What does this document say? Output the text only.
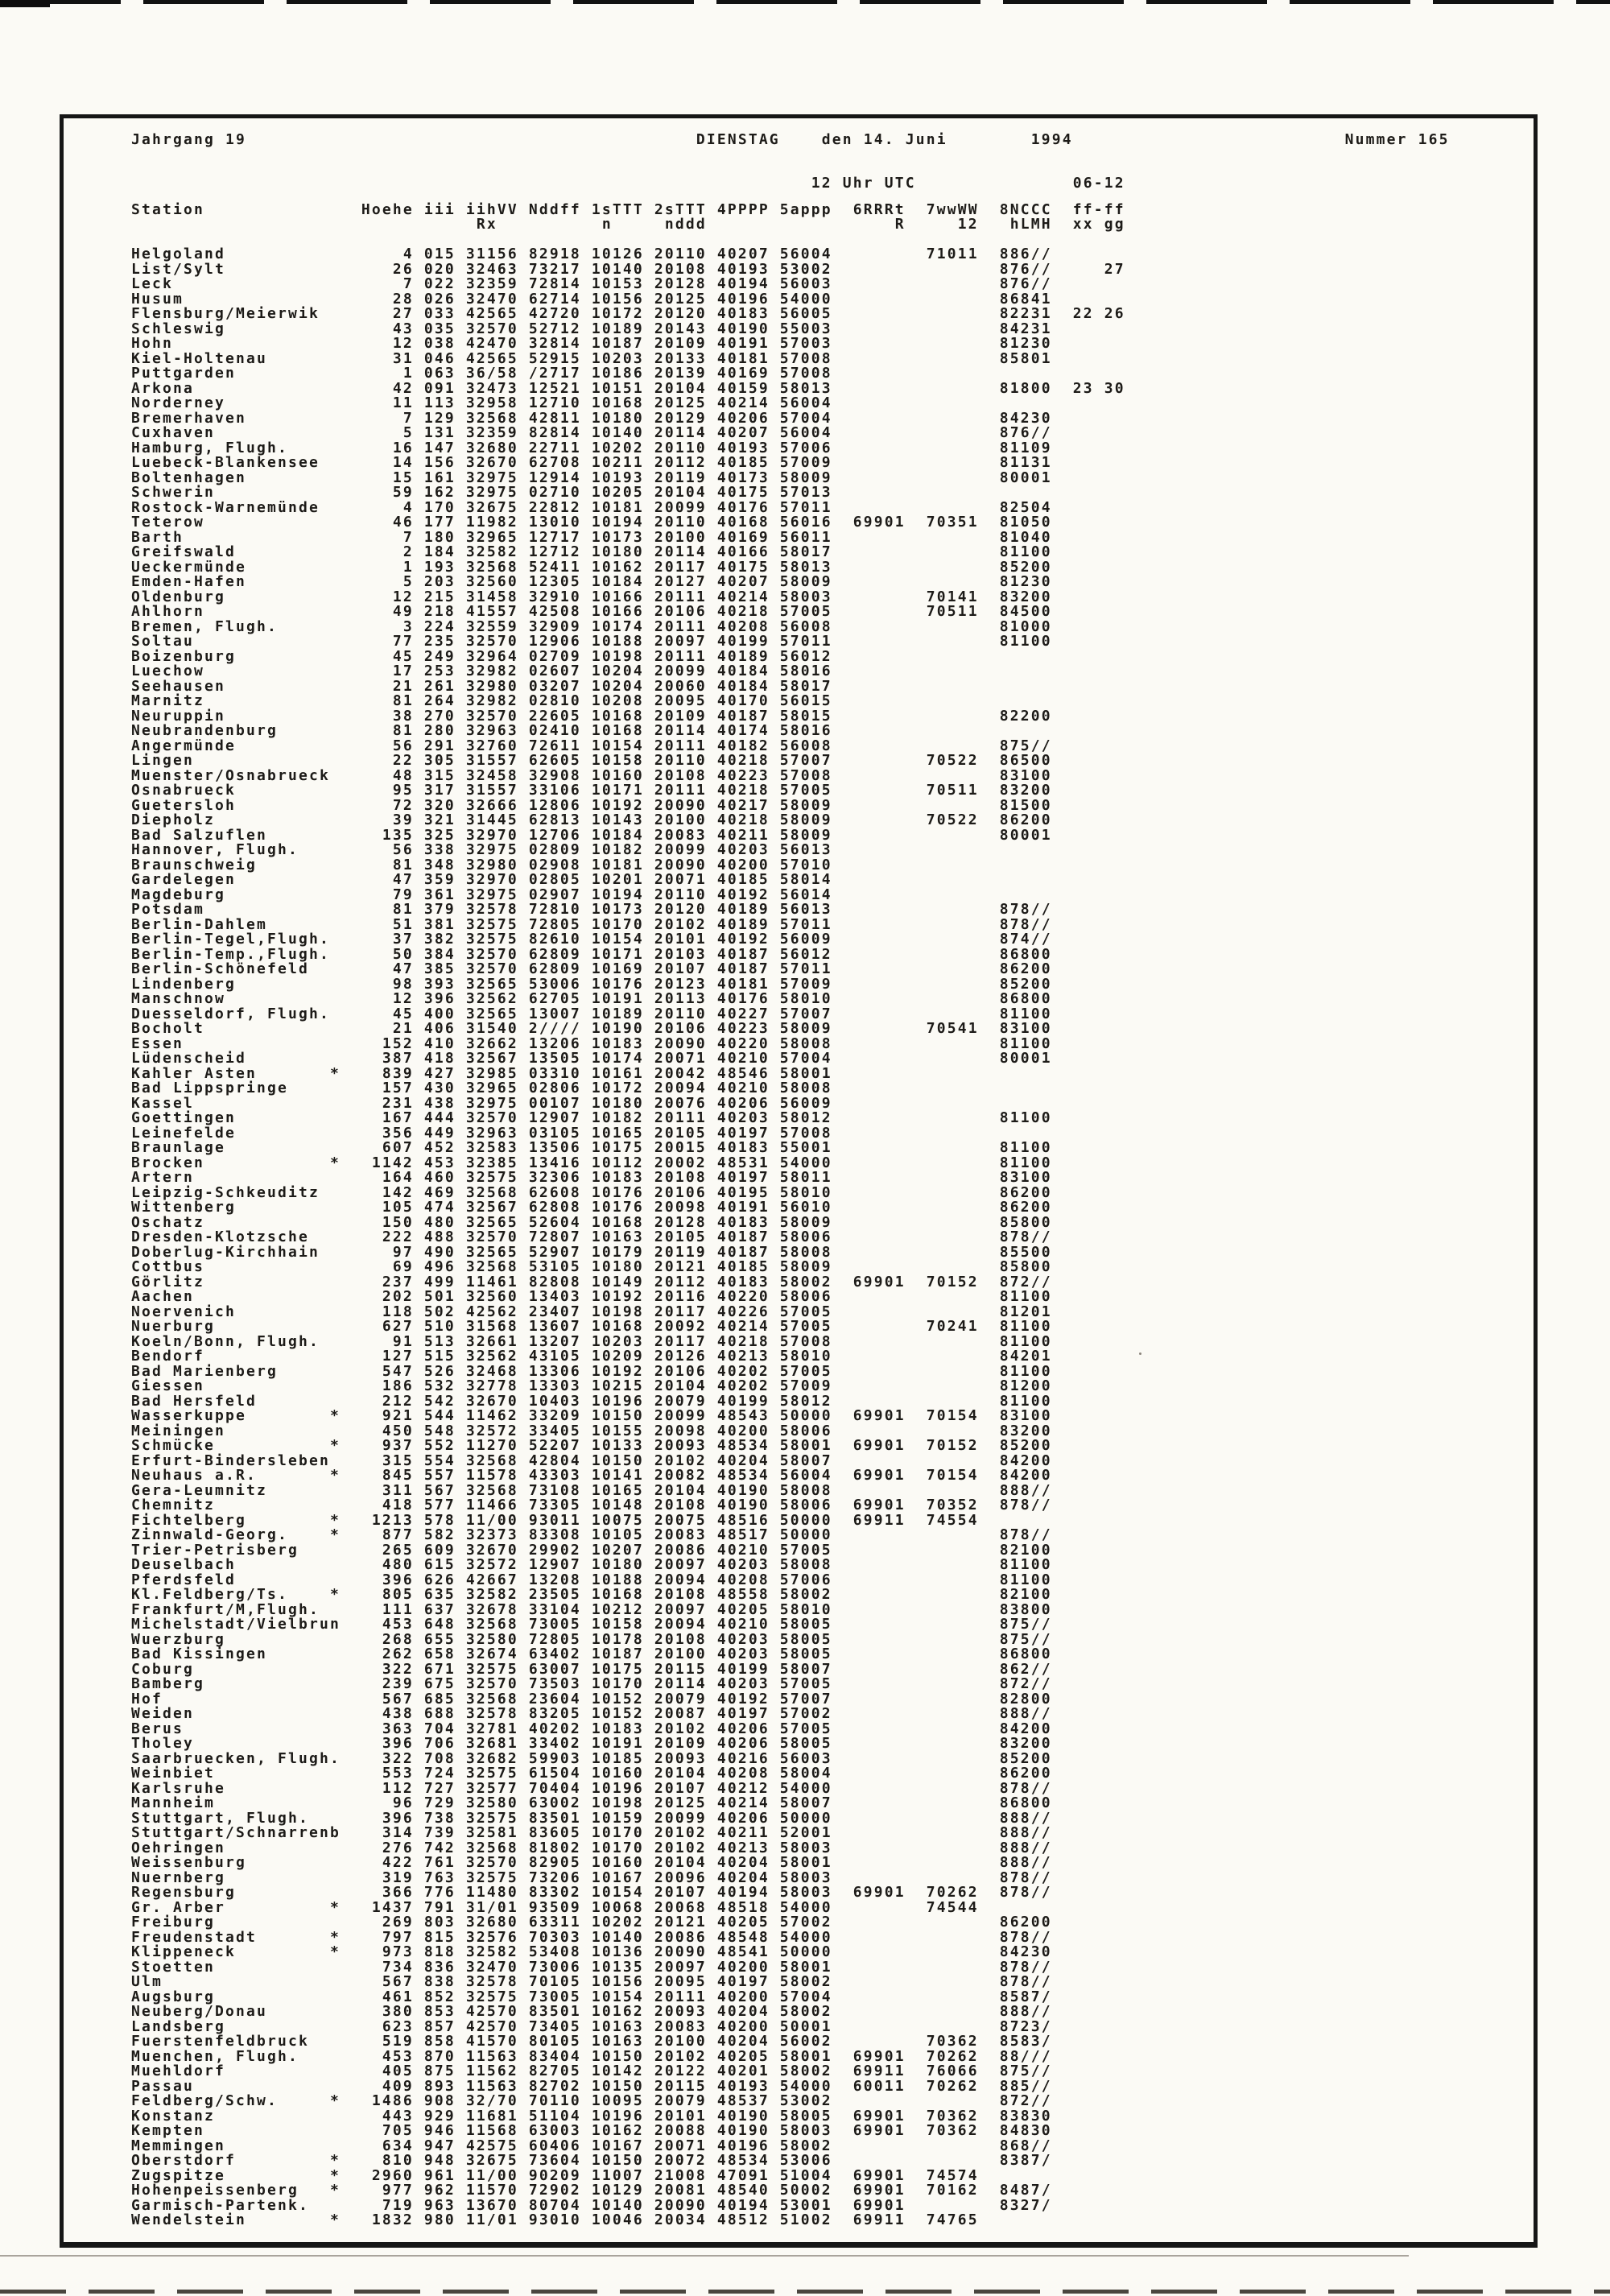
Jahrgang 19                                           DIENSTAG    den 14. Juni        1994                          Nummer 165

12 Uhr UTC               06-12

Station               Hoehe iii iihVV Nddff 1sTTT 2sTTT 4PPPP 5appp  6RRRt  7wwWW  8NCCC  ff-ff

Rx          n     nddd                  R     12   hLMH  xx gg

Helgoland                 4 015 31156 82918 10126 20110 40207 56004         71011  886//
List/Sylt                26 020 32463 73217 10140 20108 40193 53002                876//     27
Leck                      7 022 32359 72814 10153 20128 40194 56003                876//
Husum                    28 026 32470 62714 10156 20125 40196 54000                86841
Flensburg/Meierwik       27 033 42565 42720 10172 20120 40183 56005                82231  22 26
Schleswig                43 035 32570 52712 10189 20143 40190 55003                84231
Hohn                     12 038 42470 32814 10187 20109 40191 57003                81230
Kiel-Holtenau            31 046 42565 52915 10203 20133 40181 57008                85801
Puttgarden                1 063 36/58 /2717 10186 20139 40169 57008
Arkona                   42 091 32473 12521 10151 20104 40159 58013                81800  23 30
Norderney                11 113 32958 12710 10168 20125 40214 56004
Bremerhaven               7 129 32568 42811 10180 20129 40206 57004                84230
Cuxhaven                  5 131 32359 82814 10140 20114 40207 56004                876//
Hamburg, Flugh.          16 147 32680 22711 10202 20110 40193 57006                81109
Luebeck-Blankensee       14 156 32670 62708 10211 20112 40185 57009                81131
Boltenhagen              15 161 32975 12914 10193 20119 40173 58009                80001
Schwerin                 59 162 32975 02710 10205 20104 40175 57013
Rostock-Warnemünde        4 170 32675 22812 10181 20099 40176 57011                82504
Teterow                  46 177 11982 13010 10194 20110 40168 56016  69901  70351  81050
Barth                     7 180 32965 12717 10173 20100 40169 56011                81040
Greifswald                2 184 32582 12712 10180 20114 40166 58017                81100
Ueckermünde               1 193 32568 52411 10162 20117 40175 58013                85200
Emden-Hafen               5 203 32560 12305 10184 20127 40207 58009                81230
Oldenburg                12 215 31458 32910 10166 20111 40214 58003         70141  83200
Ahlhorn                  49 218 41557 42508 10166 20106 40218 57005         70511  84500
Bremen, Flugh.            3 224 32559 32909 10174 20111 40208 56008                81000
Soltau                   77 235 32570 12906 10188 20097 40199 57011                81100
Boizenburg               45 249 32964 02709 10198 20111 40189 56012
Luechow                  17 253 32982 02607 10204 20099 40184 58016
Seehausen                21 261 32980 03207 10204 20060 40184 58017
Marnitz                  81 264 32982 02810 10208 20095 40170 56015
Neuruppin                38 270 32570 22605 10168 20109 40187 58015                82200
Neubrandenburg           81 280 32963 02410 10168 20114 40174 58016
Angermünde               56 291 32760 72611 10154 20111 40182 56008                875//
Lingen                   22 305 31557 62605 10158 20110 40218 57007         70522  86500
Muenster/Osnabrueck      48 315 32458 32908 10160 20108 40223 57008                83100
Osnabrueck               95 317 31557 33106 10171 20111 40218 57005         70511  83200
Guetersloh               72 320 32666 12806 10192 20090 40217 58009                81500
Diepholz                 39 321 31445 62813 10143 20100 40218 58009         70522  86200
Bad Salzuflen           135 325 32970 12706 10184 20083 40211 58009                80001
Hannover, Flugh.         56 338 32975 02809 10182 20099 40203 56013
Braunschweig             81 348 32980 02908 10181 20090 40200 57010
Gardelegen               47 359 32970 02805 10201 20071 40185 58014
Magdeburg                79 361 32975 02907 10194 20110 40192 56014
Potsdam                  81 379 32578 72810 10173 20120 40189 56013                878//
Berlin-Dahlem            51 381 32575 72805 10170 20102 40189 57011                878//
Berlin-Tegel,Flugh.      37 382 32575 82610 10154 20101 40192 56009                874//
Berlin-Temp.,Flugh.      50 384 32570 62809 10171 20103 40187 56012                86800
Berlin-Schönefeld        47 385 32570 62809 10169 20107 40187 57011                86200
Lindenberg               98 393 32565 53006 10176 20123 40181 57009                85200
Manschnow                12 396 32562 62705 10191 20113 40176 58010                86800
Duesseldorf, Flugh.      45 400 32565 13007 10189 20110 40227 57007                81100
Bocholt                  21 406 31540 2//// 10190 20106 40223 58009         70541  83100
Essen                   152 410 32662 13206 10183 20090 40220 58008                81100
Lüdenscheid             387 418 32567 13505 10174 20071 40210 57004                80001
Kahler Asten       *    839 427 32985 03310 10161 20042 48546 58001
Bad Lippspringe         157 430 32965 02806 10172 20094 40210 58008
Kassel                  231 438 32975 00107 10180 20076 40206 56009
Goettingen              167 444 32570 12907 10182 20111 40203 58012                81100
Leinefelde              356 449 32963 03105 10165 20105 40197 57008
Braunlage               607 452 32583 13506 10175 20015 40183 55001                81100
Brocken            *   1142 453 32385 13416 10112 20002 48531 54000                81100
Artern                  164 460 32575 32306 10183 20108 40197 58011                83100
Leipzig-Schkeuditz      142 469 32568 62608 10176 20106 40195 58010                86200
Wittenberg              105 474 32567 62808 10176 20098 40191 56010                86200
Oschatz                 150 480 32565 52604 10168 20128 40183 58009                85800
Dresden-Klotzsche       222 488 32570 72807 10163 20105 40187 58006                878//
Doberlug-Kirchhain       97 490 32565 52907 10179 20119 40187 58008                85500
Cottbus                  69 496 32568 53105 10180 20121 40185 58009                85800
Görlitz                 237 499 11461 82808 10149 20112 40183 58002  69901  70152  872//
Aachen                  202 501 32560 13403 10192 20116 40220 58006                81100
Noervenich              118 502 42562 23407 10198 20117 40226 57005                81201
Nuerburg                627 510 31568 13607 10168 20092 40214 57005         70241  81100
Koeln/Bonn, Flugh.       91 513 32661 13207 10203 20117 40218 57008                81100
Bendorf                 127 515 32562 43105 10209 20126 40213 58010                84201
Bad Marienberg          547 526 32468 13306 10192 20106 40202 57005                81100
Giessen                 186 532 32778 13303 10215 20104 40202 57009                81200
Bad Hersfeld            212 542 32670 10403 10196 20079 40199 58012                81100
Wasserkuppe        *    921 544 11462 33209 10150 20099 48543 50000  69901  70154  83100
Meiningen               450 548 32572 33405 10155 20098 40200 58006                83200
Schmücke           *    937 552 11270 52207 10133 20093 48534 58001  69901  70152  85200
Erfurt-Bindersleben     315 554 32568 42804 10150 20102 40204 58007                84200
Neuhaus a.R.       *    845 557 11578 43303 10141 20082 48534 56004  69901  70154  84200
Gera-Leumnitz           311 567 32568 73108 10165 20104 40190 58008                888//
Chemnitz                418 577 11466 73305 10148 20108 40190 58006  69901  70352  878//
Fichtelberg        *   1213 578 11/00 93011 10075 20075 48516 50000  69911  74554
Zinnwald-Georg.    *    877 582 32373 83308 10105 20083 48517 50000                878//
Trier-Petrisberg        265 609 32670 29902 10207 20086 40210 57005                82100
Deuselbach              480 615 32572 12907 10180 20097 40203 58008                81100
Pferdsfeld              396 626 42667 13208 10188 20094 40208 57006                81100
Kl.Feldberg/Ts.    *    805 635 32582 23505 10168 20108 48558 58002                82100
Frankfurt/M,Flugh.      111 637 32678 33104 10212 20097 40205 58010                83800
Michelstadt/Vielbrun    453 648 32568 73005 10158 20094 40210 58005                875//
Wuerzburg               268 655 32580 72805 10178 20108 40203 58005                875//
Bad Kissingen           262 658 32674 63402 10187 20100 40203 58005                86800
Coburg                  322 671 32575 63007 10175 20115 40199 58007                862//
Bamberg                 239 675 32570 73503 10170 20114 40203 57005                872//
Hof                     567 685 32568 23604 10152 20079 40192 57007                82800
Weiden                  438 688 32578 83205 10152 20087 40197 57002                888//
Berus                   363 704 32781 40202 10183 20102 40206 57005                84200
Tholey                  396 706 32681 33402 10191 20109 40206 58005                83200
Saarbruecken, Flugh.    322 708 32682 59903 10185 20093 40216 56003                85200
Weinbiet                553 724 32575 61504 10160 20104 40208 58004                86200
Karlsruhe               112 727 32577 70404 10196 20107 40212 54000                878//
Mannheim                 96 729 32580 63002 10198 20125 40214 58007                86800
Stuttgart, Flugh.       396 738 32575 83501 10159 20099 40206 50000                888//
Stuttgart/Schnarrenb    314 739 32581 83605 10170 20102 40211 52001                888//
Oehringen               276 742 32568 81802 10170 20102 40213 58003                888//
Weissenburg             422 761 32570 82905 10160 20104 40204 58001                888//
Nuernberg               319 763 32575 73206 10167 20096 40204 58003                878//
Regensburg              366 776 11480 83302 10154 20107 40194 58003  69901  70262  878//
Gr. Arber          *   1437 791 31/01 93509 10068 20068 48518 54000         74544
Freiburg                269 803 32680 63311 10202 20121 40205 57002                86200
Freudenstadt       *    797 815 32576 70303 10140 20086 48548 54000                878//
Klippeneck         *    973 818 32582 53408 10136 20090 48541 50000                84230
Stoetten                734 836 32470 73006 10135 20097 40200 58001                878//
Ulm                     567 838 32578 70105 10156 20095 40197 58002                878//
Augsburg                461 852 32575 73005 10154 20111 40200 57004                8587/
Neuberg/Donau           380 853 42570 83501 10162 20093 40204 58002                888//
Landsberg               623 857 42570 73405 10163 20083 40200 50001                8723/
Fuerstenfeldbruck       519 858 41570 80105 10163 20100 40204 56002         70362  8583/
Muenchen, Flugh.        453 870 11563 83404 10150 20102 40205 58001  69901  70262  88///
Muehldorf               405 875 11562 82705 10142 20122 40201 58002  69911  76066  875//
Passau                  409 893 11563 82702 10150 20115 40193 54000  60011  70262  885//
Feldberg/Schw.     *   1486 908 32/70 70110 10095 20079 48537 53002                872//
Konstanz                443 929 11681 51104 10196 20101 40190 58005  69901  70362  83830
Kempten                 705 946 11568 63003 10162 20088 40190 58003  69901  70362  84830
Memmingen               634 947 42575 60406 10167 20071 40196 58002                868//
Oberstdorf         *    810 948 32675 73604 10150 20072 48534 53006                8387/
Zugspitze          *   2960 961 11/00 90209 11007 21008 47091 51004  69901  74574
Hohenpeissenberg   *    977 962 11570 72902 10129 20081 48540 50002  69901  70162  8487/
Garmisch-Partenk.       719 963 13670 80704 10140 20090 40194 53001  69901         8327/
Wendelstein        *   1832 980 11/01 93010 10046 20034 48512 51002  69911  74765
